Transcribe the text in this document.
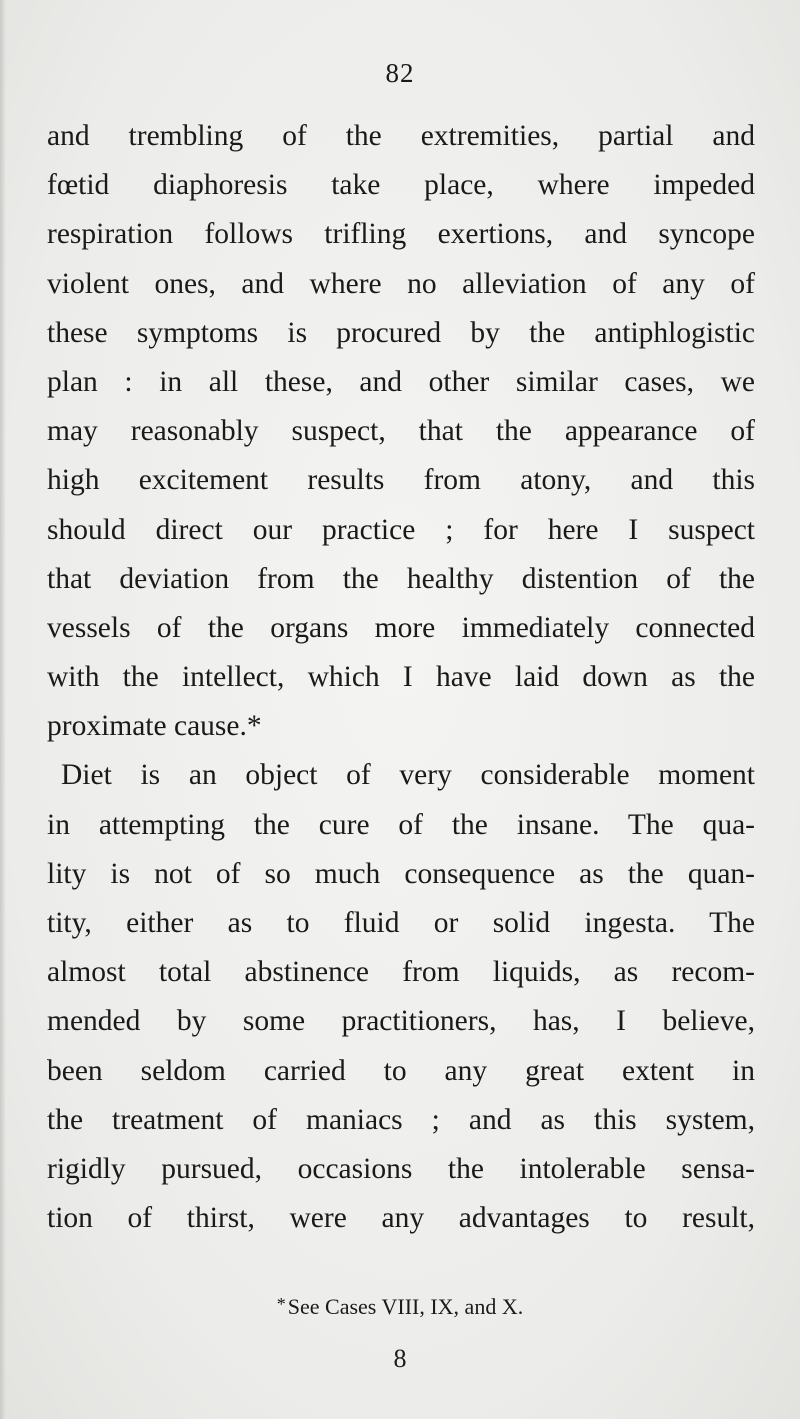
82
and trembling of the extremities, partial and
fœtid diaphoresis take place, where impeded
respiration follows trifling exertions, and syncope
violent ones, and where no alleviation of any of
these symptoms is procured by the antiphlogistic
plan : in all these, and other similar cases, we
may reasonably suspect, that the appearance of
high excitement results from atony, and this
should direct our practice ; for here I suspect
that deviation from the healthy distention of the
vessels of the organs more immediately connected
with the intellect, which I have laid down as the
proximate cause.*
Diet is an object of very considerable moment
in attempting the cure of the insane. The qua-
lity is not of so much consequence as the quan-
tity, either as to fluid or solid ingesta. The
almost total abstinence from liquids, as recom-
mended by some practitioners, has, I believe,
been seldom carried to any great extent in
the treatment of maniacs ; and as this system,
rigidly pursued, occasions the intolerable sensa-
tion of thirst, were any advantages to result,
*See Cases VIII, IX, and X.
8
